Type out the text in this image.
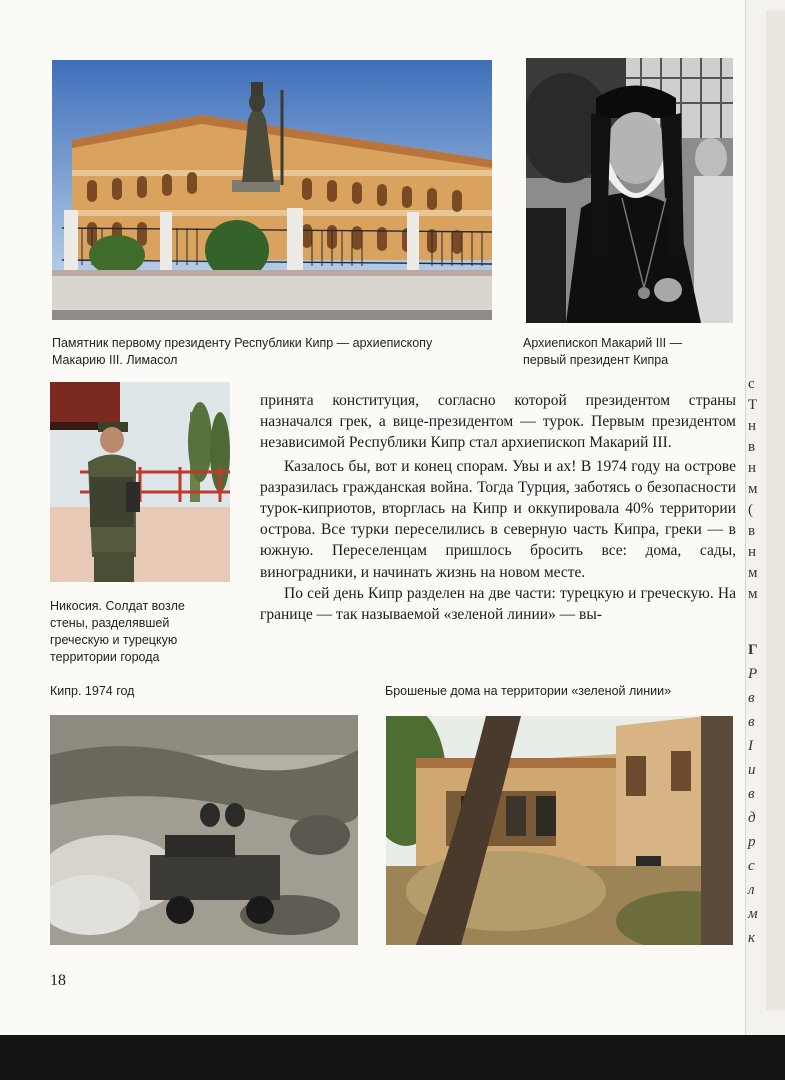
Памятник первому президенту Республики Кипр — архиепископу Макарию III. Лимасол
Архиепископ Макарий III — первый президент Кипра
Никосия. Солдат возле стены, разделявшей греческую и турецкую территории города

принята конституция, согласно которой президентом страны назначался грек, а вице-президентом — турок. Первым президентом независимой Республики Кипр стал архиепископ Макарий III.

Казалось бы, вот и конец спорам. Увы и ах! В 1974 году на острове разразилась гражданская война. Тогда Турция, заботясь о безопасности турок-киприотов, вторглась на Кипр и оккупировала 40% территории острова. Все турки переселились в северную часть Кипра, греки — в южную. Переселенцам пришлось бросить все: дома, сады, виноградники, и начинать жизнь на новом месте.

По сей день Кипр разделен на две части: турецкую и греческую. На границе — так называемой «зеленой линии» — вы-

Кипр. 1974 год	Брошеные дома на территории «зеленой линии»
18
с
Т
н
в
н
м
(
в
н
м
м
Г
Р
в
в
I
и
в
д
р
с
л
м
к
